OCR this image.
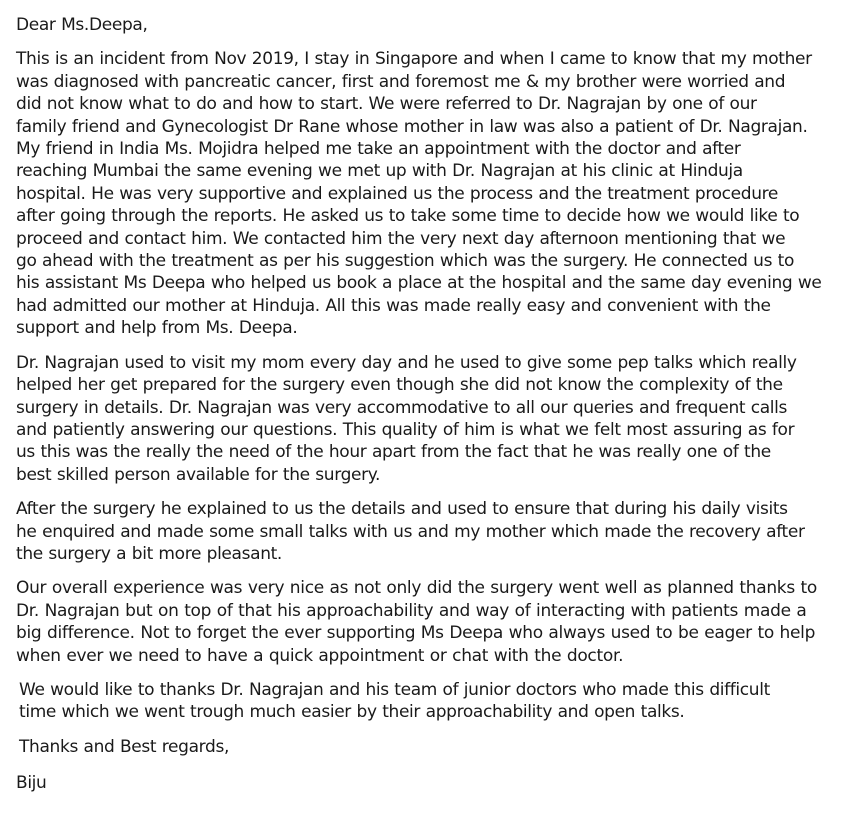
Dear Ms.Deepa,

This is an incident from Nov 2019, I stay in Singapore and when I came to know that my mother

was diagnosed with pancreatic cancer, first and foremost me & my brother were worried and

did not know what to do and how to start. We were referred to Dr. Nagrajan by one of our

family friend and Gynecologist Dr Rane whose mother in law was also a patient of Dr. Nagrajan.

My friend in India Ms. Mojidra helped me take an appointment with the doctor and after

reaching Mumbai the same evening we met up with Dr. Nagrajan at his clinic at Hinduja

hospital. He was very supportive and explained us the process and the treatment procedure

after going through the reports. He asked us to take some time to decide how we would like to

proceed and contact him. We contacted him the very next day afternoon mentioning that we

go ahead with the treatment as per his suggestion which was the surgery. He connected us to

his assistant Ms Deepa who helped us book a place at the hospital and the same day evening we

had admitted our mother at Hinduja. All this was made really easy and convenient with the

support and help from Ms. Deepa.

Dr. Nagrajan used to visit my mom every day and he used to give some pep talks which really

helped her get prepared for the surgery even though she did not know the complexity of the

surgery in details. Dr. Nagrajan was very accommodative to all our queries and frequent calls

and patiently answering our questions. This quality of him is what we felt most assuring as for

us this was the really the need of the hour apart from the fact that he was really one of the

best skilled person available for the surgery.

After the surgery he explained to us the details and used to ensure that during his daily visits

he enquired and made some small talks with us and my mother which made the recovery after

the surgery a bit more pleasant.

Our overall experience was very nice as not only did the surgery went well as planned thanks to

Dr. Nagrajan but on top of that his approachability and way of interacting with patients made a

big difference. Not to forget the ever supporting Ms Deepa who always used to be eager to help

when ever we need to have a quick appointment or chat with the doctor.

We would like to thanks Dr. Nagrajan and his team of junior doctors who made this difficult

time which we went trough much easier by their approachability and open talks.

Thanks and Best regards,

Biju
